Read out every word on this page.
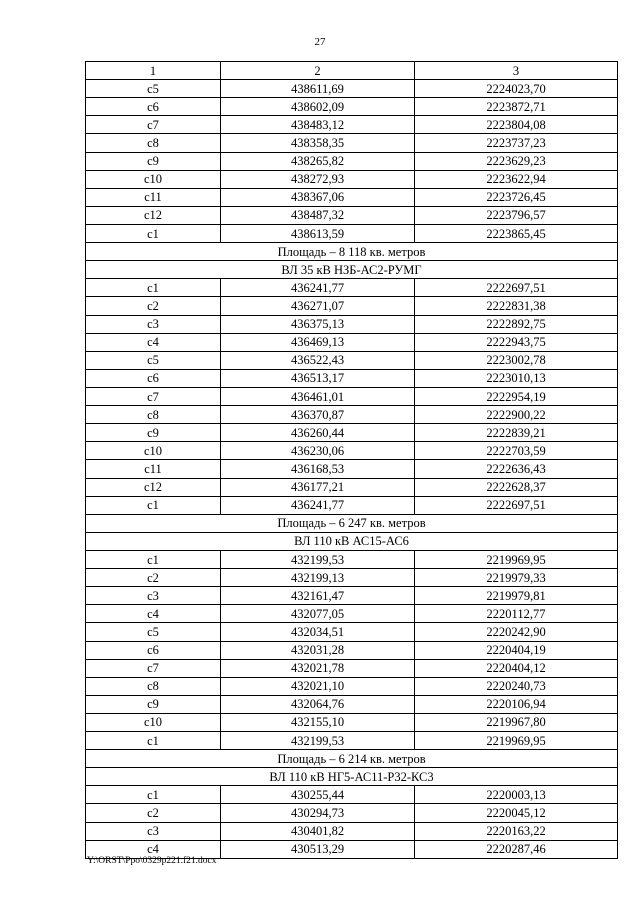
27
1	2	3
с5	438611,69	2224023,70
с6	438602,09	2223872,71
с7	438483,12	2223804,08
с8	438358,35	2223737,23
с9	438265,82	2223629,23
с10	438272,93	2223622,94
с11	438367,06	2223726,45
с12	438487,32	2223796,57
с1	438613,59	2223865,45
Площадь – 8 118 кв. метров		
ВЛ 35 кВ НЗБ-АС2-РУМГ		
с1	436241,77	2222697,51
с2	436271,07	2222831,38
с3	436375,13	2222892,75
с4	436469,13	2222943,75
с5	436522,43	2223002,78
с6	436513,17	2223010,13
с7	436461,01	2222954,19
с8	436370,87	2222900,22
с9	436260,44	2222839,21
с10	436230,06	2222703,59
с11	436168,53	2222636,43
с12	436177,21	2222628,37
с1	436241,77	2222697,51
Площадь – 6 247 кв. метров		
ВЛ 110 кВ АС15-АС6		
с1	432199,53	2219969,95
с2	432199,13	2219979,33
с3	432161,47	2219979,81
с4	432077,05	2220112,77
с5	432034,51	2220242,90
с6	432031,28	2220404,19
с7	432021,78	2220404,12
с8	432021,10	2220240,73
с9	432064,76	2220106,94
с10	432155,10	2219967,80
с1	432199,53	2219969,95
Площадь – 6 214 кв. метров		
ВЛ 110 кВ НГ5-АС11-Р32-КС3		
с1	430255,44	2220003,13
с2	430294,73	2220045,12
с3	430401,82	2220163,22
с4	430513,29	2220287,46
Y:\ORST\Ppo\0329p221.f21.docx
